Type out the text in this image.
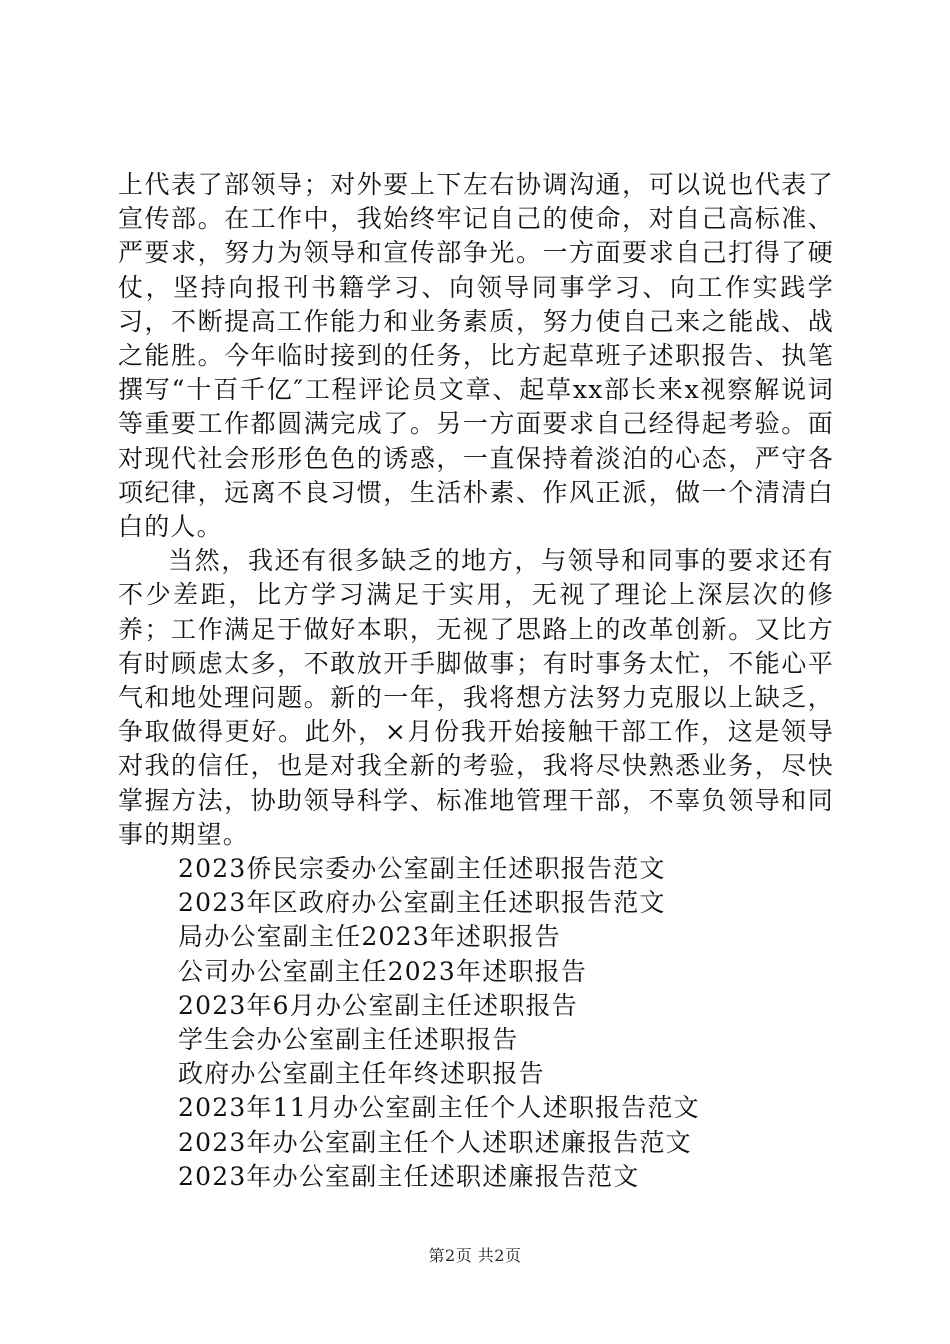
上代表了部领导；对外要上下左右协调沟通，可以说也代表了宣传部。在工作中，我始终牢记自己的使命，对自己高标准、严要求，努力为领导和宣传部争光。一方面要求自己打得了硬仗，坚持向报刊书籍学习、向领导同事学习、向工作实践学习，不断提高工作能力和业务素质，努力使自己来之能战、战之能胜。今年临时接到的任务，比方起草班子述职报告、执笔撰写“十百千亿″工程评论员文章、起草xx部长来x视察解说词等重要工作都圆满完成了。另一方面要求自己经得起考验。面对现代社会形形色色的诱惑，一直保持着淡泊的心态，严守各项纪律，远离不良习惯，生活朴素、作风正派，做一个清清白白的人。

当然，我还有很多缺乏的地方，与领导和同事的要求还有不少差距，比方学习满足于实用，无视了理论上深层次的修养；工作满足于做好本职，无视了思路上的改革创新。又比方有时顾虑太多，不敢放开手脚做事；有时事务太忙，不能心平气和地处理问题。新的一年，我将想方法努力克服以上缺乏，争取做得更好。此外，×月份我开始接触干部工作，这是领导对我的信任，也是对我全新的考验，我将尽快熟悉业务，尽快掌握方法，协助领导科学、标准地管理干部，不辜负领导和同事的期望。

2023侨民宗委办公室副主任述职报告范文
2023年区政府办公室副主任述职报告范文
局办公室副主任2023年述职报告
公司办公室副主任2023年述职报告
2023年6月办公室副主任述职报告
学生会办公室副主任述职报告
政府办公室副主任年终述职报告
2023年11月办公室副主任个人述职报告范文
2023年办公室副主任个人述职述廉报告范文
2023年办公室副主任述职述廉报告范文
第2页 共2页
